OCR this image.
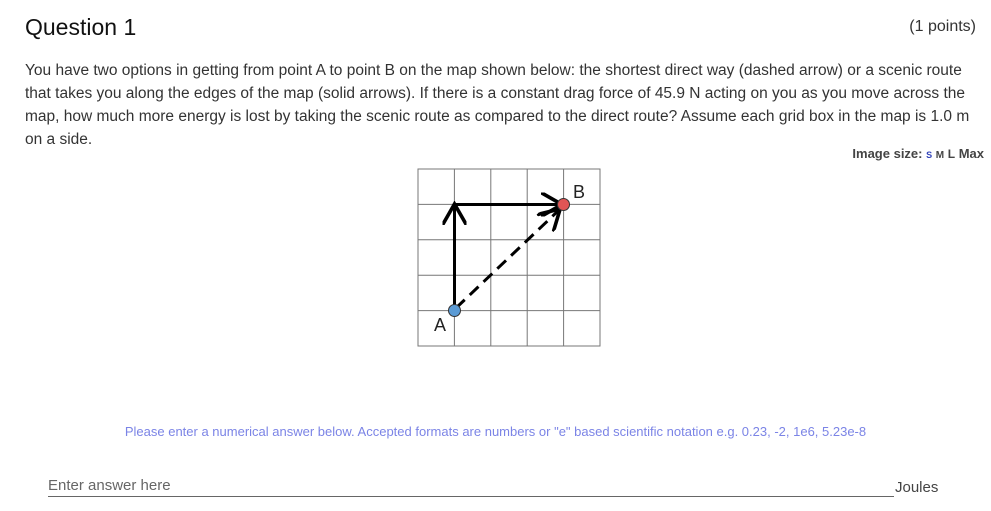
Question 1	(1 points)

You have two options in getting from point A to point B on the map shown below: the shortest direct way (dashed arrow) or a scenic route that takes you along the edges of the map (solid arrows). If there is a constant drag force of 45.9 N acting on you as you move across the map, how much more energy is lost by taking the scenic route as compared to the direct route? Assume each grid box in the map is 1.0 m on a side.

Image size: S M L Max
A
B
Please enter a numerical answer below. Accepted formats are numbers or "e" based scientific notation e.g. 0.23, -2, 1e6, 5.23e-8
Enter answer here
Joules
